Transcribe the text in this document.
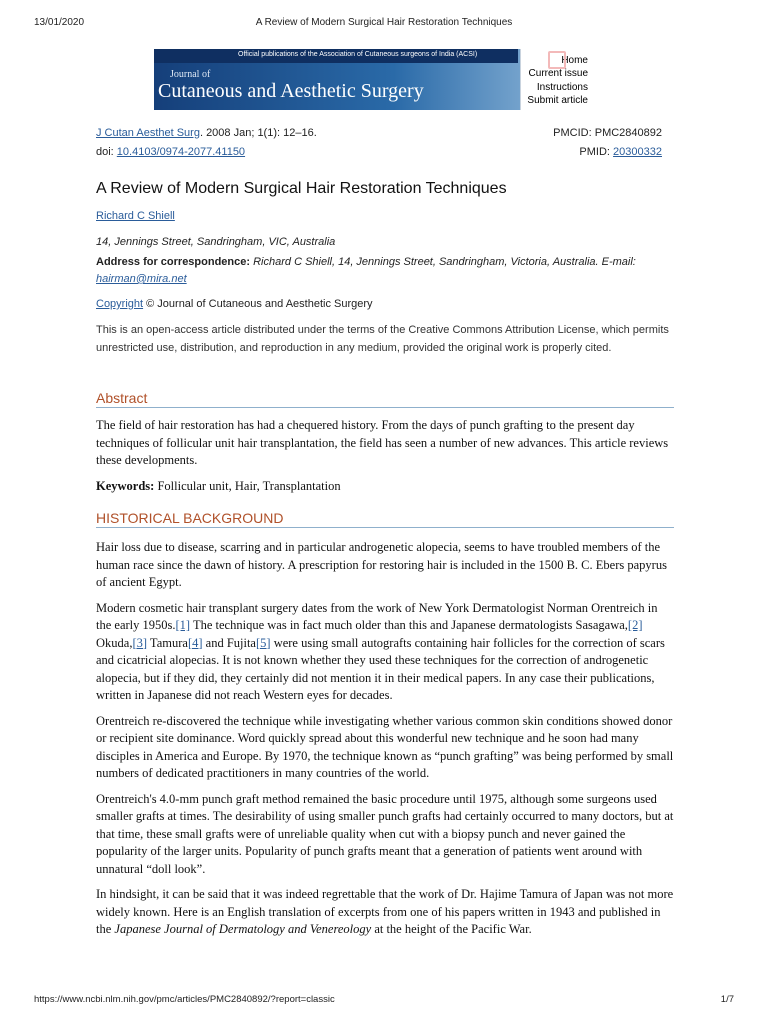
13/01/2020	A Review of Modern Surgical Hair Restoration Techniques
Official publications of the Association of Cutaneous surgeons of India (ACSI)
Journal of
Cutaneous and Aesthetic Surgery
Home
Current issue
Instructions
Submit article
J Cutan Aesthet Surg. 2008 Jan; 1(1): 12–16.	PMCID: PMC2840892
doi: 10.4103/0974-2077.41150	PMID: 20300332
A Review of Modern Surgical Hair Restoration Techniques
Richard C Shiell
14, Jennings Street, Sandringham, VIC, Australia
Address for correspondence: Richard C Shiell, 14, Jennings Street, Sandringham, Victoria, Australia. E-mail: hairman@mira.net
Copyright © Journal of Cutaneous and Aesthetic Surgery
This is an open-access article distributed under the terms of the Creative Commons Attribution License, which permits unrestricted use, distribution, and reproduction in any medium, provided the original work is properly cited.
Abstract

The field of hair restoration has had a chequered history. From the days of punch grafting to the present day techniques of follicular unit hair transplantation, the field has seen a number of new advances. This article reviews these developments.

Keywords: Follicular unit, Hair, Transplantation

HISTORICAL BACKGROUND

Hair loss due to disease, scarring and in particular androgenetic alopecia, seems to have troubled members of the human race since the dawn of history. A prescription for restoring hair is included in the 1500 B. C. Ebers papyrus of ancient Egypt.

Modern cosmetic hair transplant surgery dates from the work of New York Dermatologist Norman Orentreich in the early 1950s.[1] The technique was in fact much older than this and Japanese dermatologists Sasagawa,[2] Okuda,[3] Tamura[4] and Fujita[5] were using small autografts containing hair follicles for the correction of scars and cicatricial alopecias. It is not known whether they used these techniques for the correction of androgenetic alopecia, but if they did, they certainly did not mention it in their medical papers. In any case their publications, written in Japanese did not reach Western eyes for decades.

Orentreich re-discovered the technique while investigating whether various common skin conditions showed donor or recipient site dominance. Word quickly spread about this wonderful new technique and he soon had many disciples in America and Europe. By 1970, the technique known as “punch grafting” was being performed by small numbers of dedicated practitioners in many countries of the world.

Orentreich's 4.0-mm punch graft method remained the basic procedure until 1975, although some surgeons used smaller grafts at times. The desirability of using smaller punch grafts had certainly occurred to many doctors, but at that time, these small grafts were of unreliable quality when cut with a biopsy punch and never gained the popularity of the larger units. Popularity of punch grafts meant that a generation of patients went around with unnatural “doll look”.

In hindsight, it can be said that it was indeed regrettable that the work of Dr. Hajime Tamura of Japan was not more widely known. Here is an English translation of excerpts from one of his papers written in 1943 and published in the Japanese Journal of Dermatology and Venereology at the height of the Pacific War.

https://www.ncbi.nlm.nih.gov/pmc/articles/PMC2840892/?report=classic	1/7
